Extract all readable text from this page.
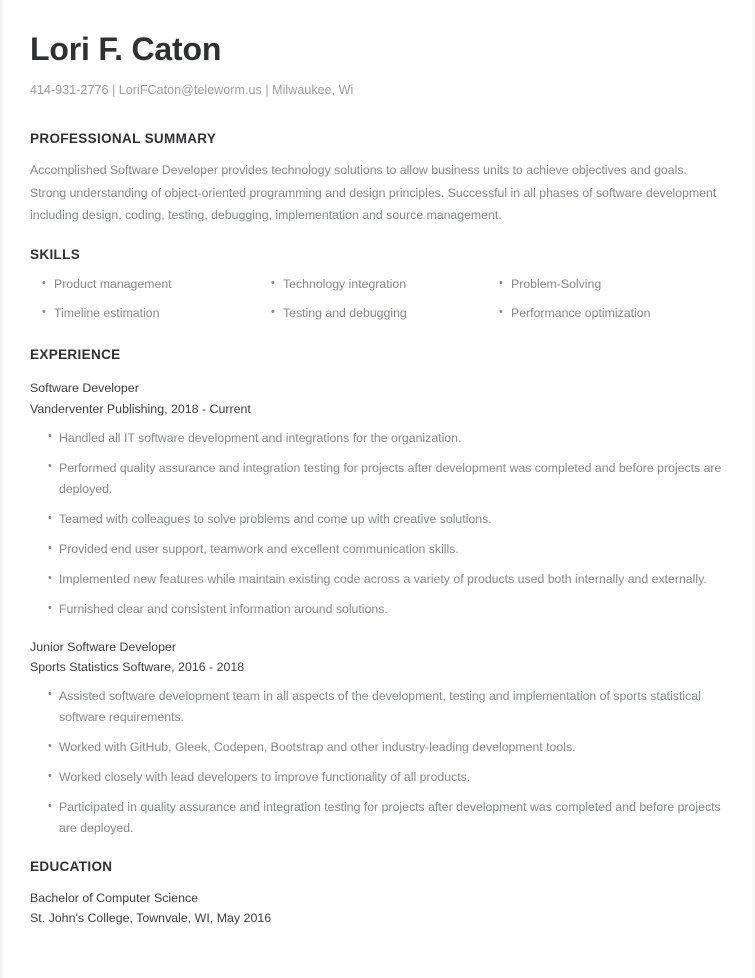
Lori F. Caton
414-931-2776 | LoriFCaton@teleworm.us | Milwaukee, Wi
PROFESSIONAL SUMMARY

Accomplished Software Developer provides technology solutions to allow business units to achieve objectives and goals. Strong understanding of object-oriented programming and design principles. Successful in all phases of software development including design, coding, testing, debugging, implementation and source management.

SKILLS
• Product management
• Timeline estimation
• Technology integration
• Testing and debugging
• Problem-Solving
• Performance optimization
EXPERIENCE
Software Developer
Vanderventer Publishing, 2018 - Current
• Handled all IT software development and integrations for the organization.
• Performed quality assurance and integration testing for projects after development was completed and before projects are deployed.
• Teamed with colleagues to solve problems and come up with creative solutions.
• Provided end user support, teamwork and excellent communication skills.
• Implemented new features while maintain existing code across a variety of products used both internally and externally.
• Furnished clear and consistent information around solutions.
Junior Software Developer
Sports Statistics Software, 2016 - 2018
• Assisted software development team in all aspects of the development, testing and implementation of sports statistical software requirements.
• Worked with GitHub, Gleek, Codepen, Bootstrap and other industry-leading development tools.
• Worked closely with lead developers to improve functionality of all products.
• Participated in quality assurance and integration testing for projects after development was completed and before projects are deployed.
EDUCATION
Bachelor of Computer Science
St. John's College, Townvale, WI, May 2016
